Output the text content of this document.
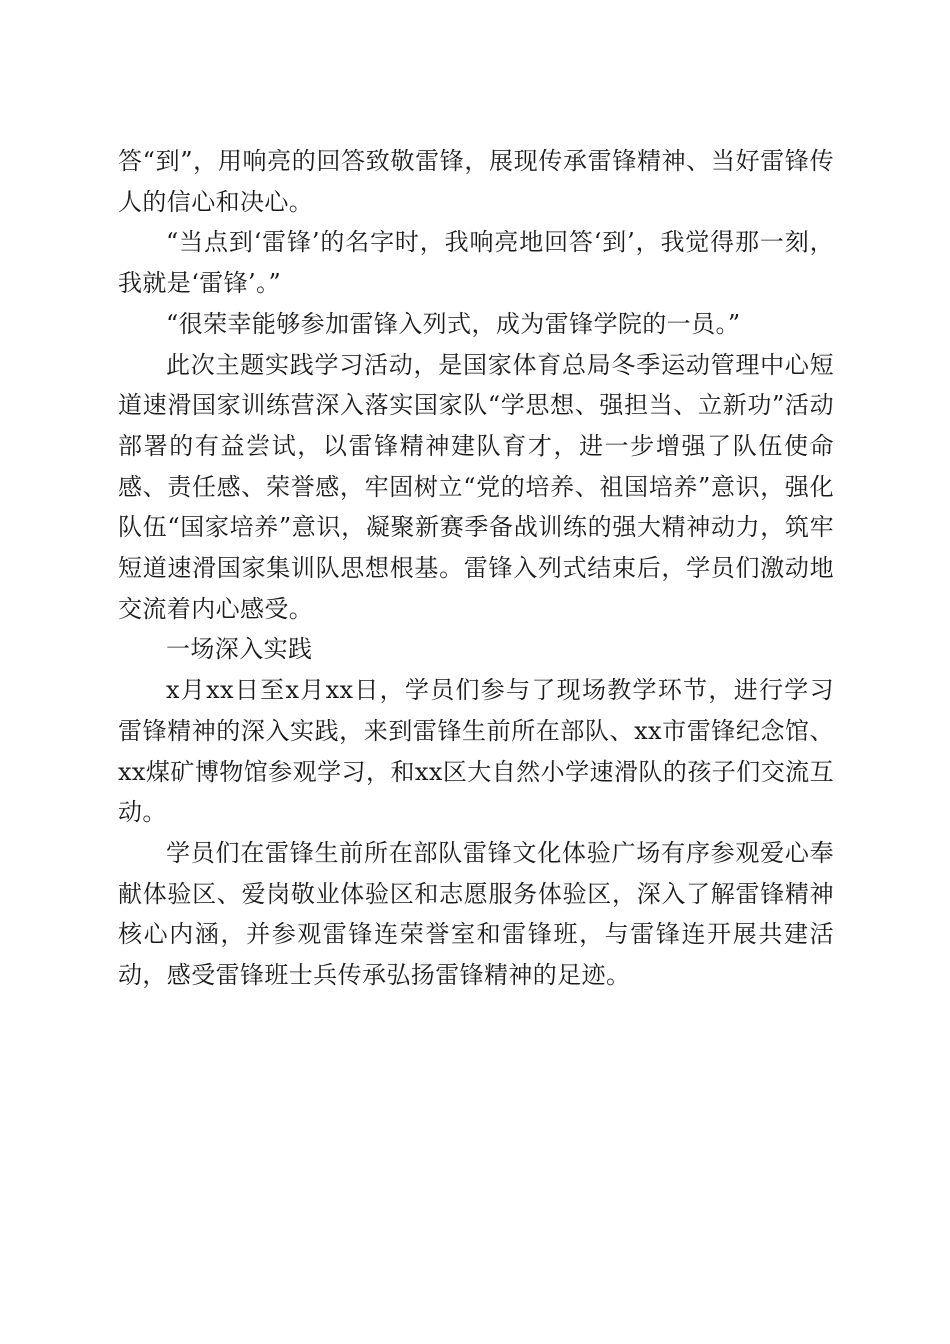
答“到”，用响亮的回答致敬雷锋，展现传承雷锋精神、当好雷锋传人的信心和决心。

“当点到‘雷锋’的名字时，我响亮地回答‘到’，我觉得那一刻，我就是‘雷锋’。”

“很荣幸能够参加雷锋入列式，成为雷锋学院的一员。”

此次主题实践学习活动，是国家体育总局冬季运动管理中心短道速滑国家训练营深入落实国家队“学思想、强担当、立新功”活动部署的有益尝试，以雷锋精神建队育才，进一步增强了队伍使命感、责任感、荣誉感，牢固树立“党的培养、祖国培养”意识，强化队伍“国家培养”意识，凝聚新赛季备战训练的强大精神动力，筑牢短道速滑国家集训队思想根基。雷锋入列式结束后，学员们激动地交流着内心感受。

一场深入实践

x月xx日至x月xx日，学员们参与了现场教学环节，进行学习雷锋精神的深入实践，来到雷锋生前所在部队、xx市雷锋纪念馆、xx煤矿博物馆参观学习，和xx区大自然小学速滑队的孩子们交流互动。

学员们在雷锋生前所在部队雷锋文化体验广场有序参观爱心奉献体验区、爱岗敬业体验区和志愿服务体验区，深入了解雷锋精神核心内涵，并参观雷锋连荣誉室和雷锋班，与雷锋连开展共建活动，感受雷锋班士兵传承弘扬雷锋精神的足迹。
